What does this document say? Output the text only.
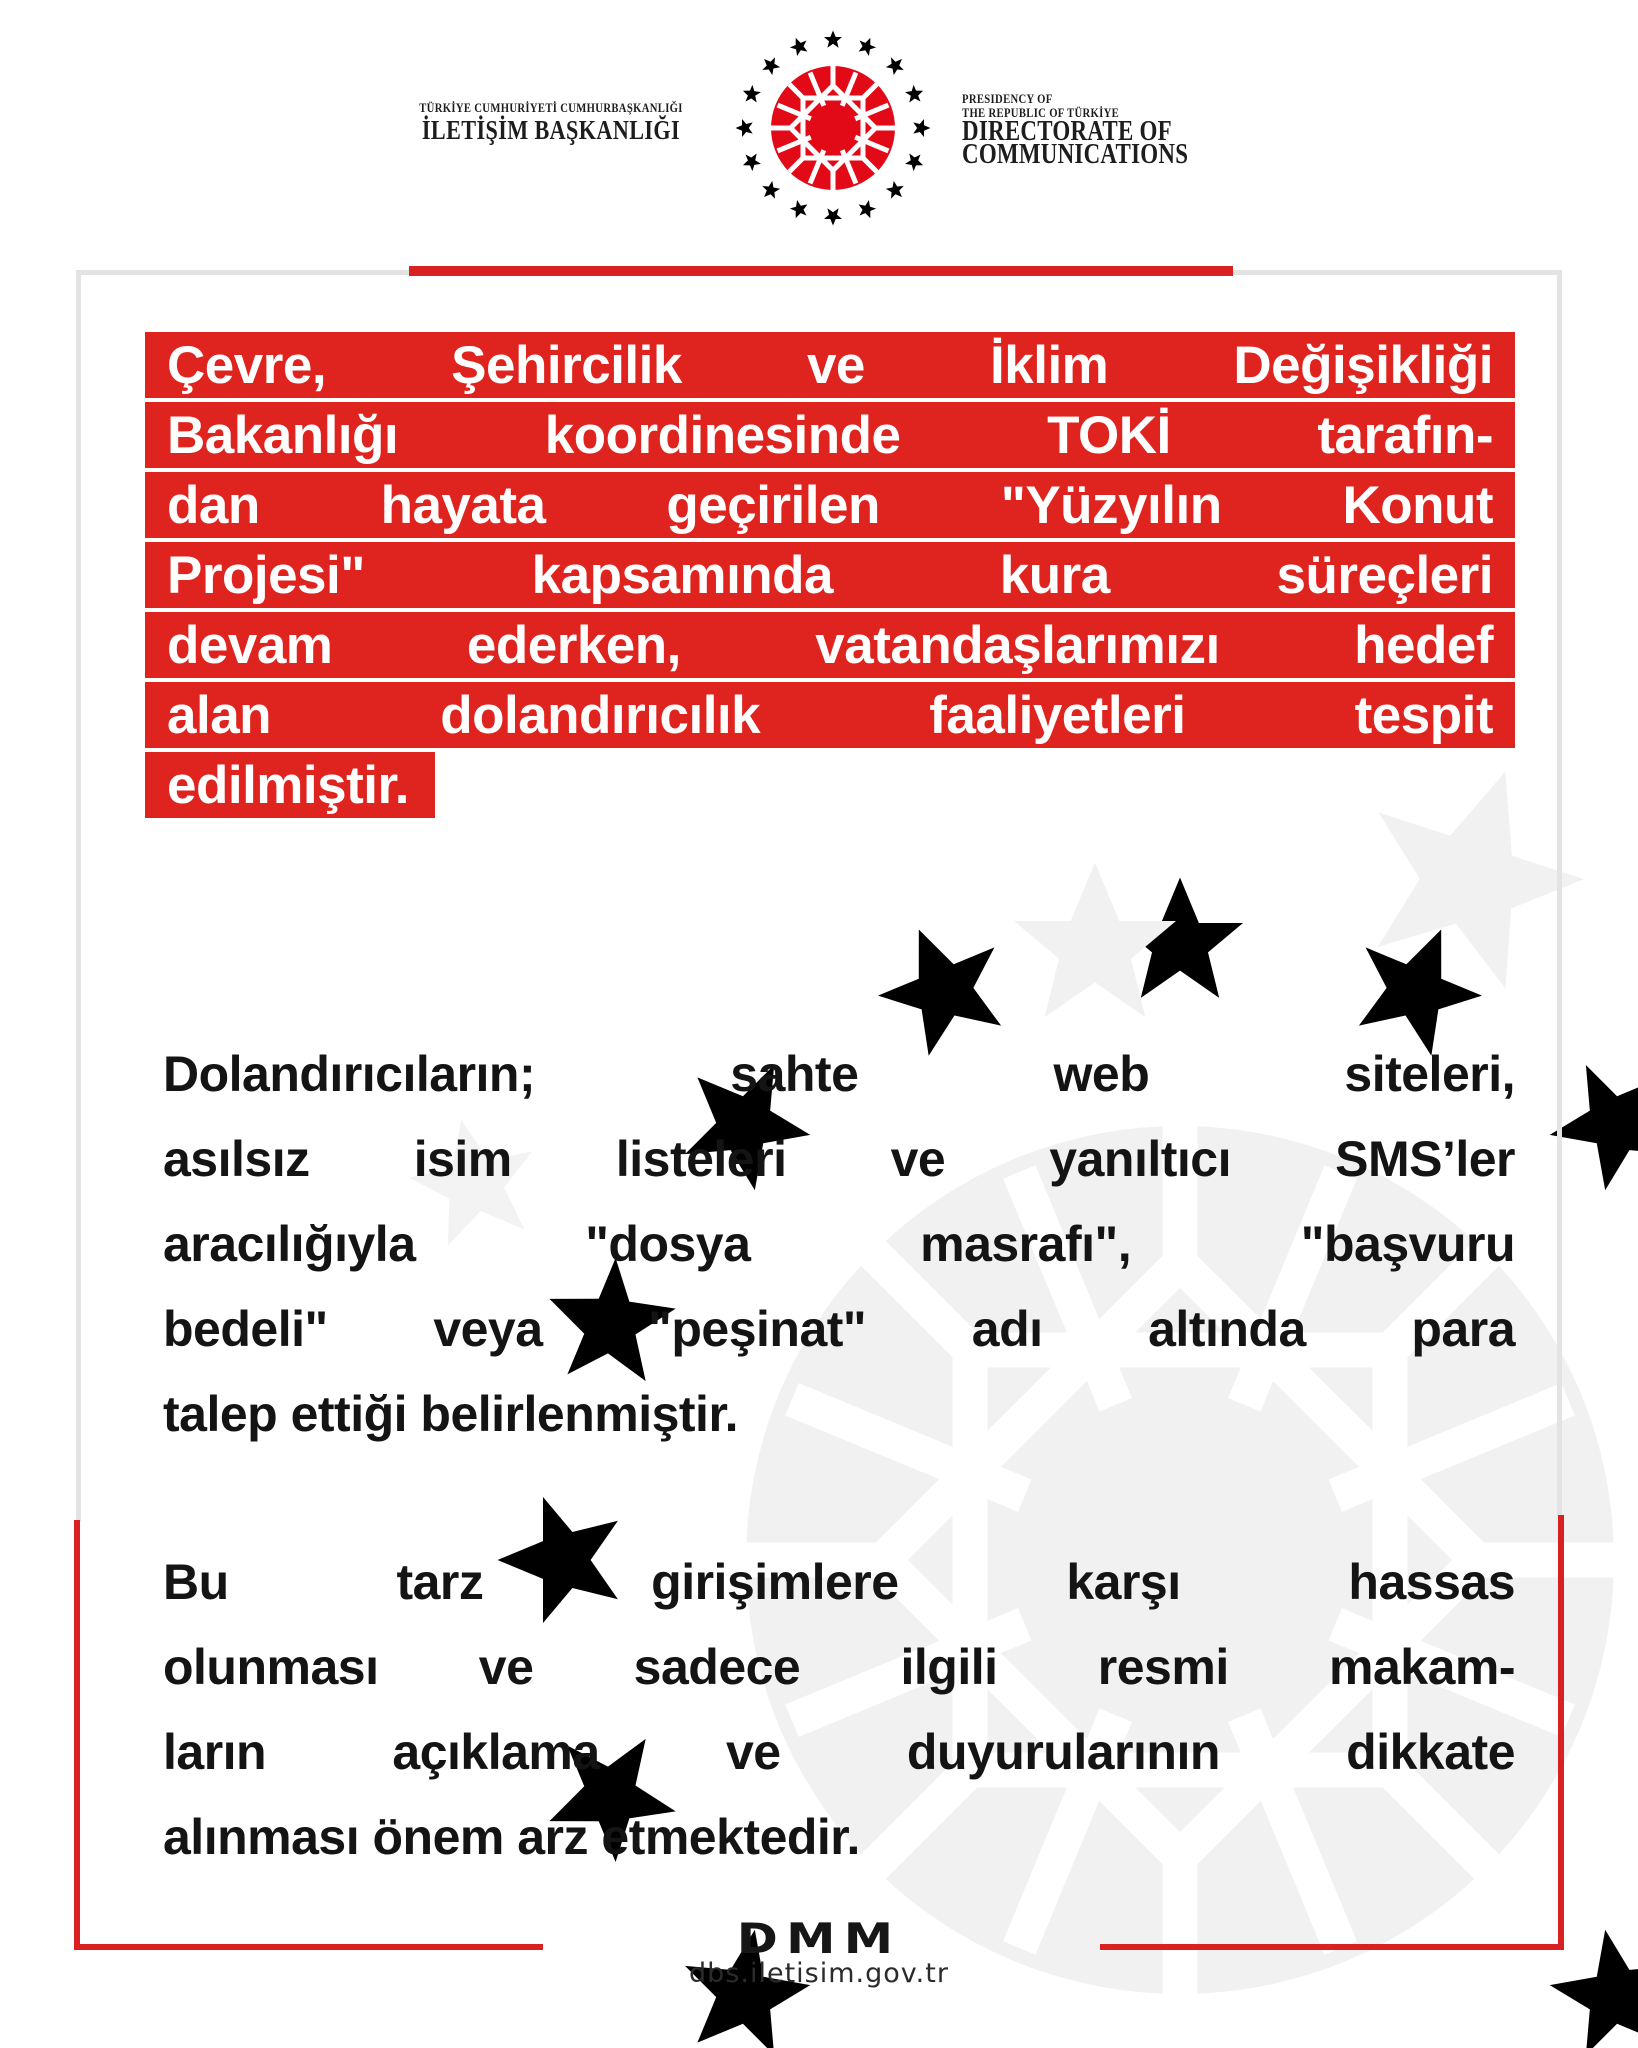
TÜRKİYE CUMHURİYETİ CUMHURBAŞKANLIĞI
İLETİŞİM BAŞKANLIĞI
PRESIDENCY OF
THE REPUBLIC OF TÜRKİYE
DIRECTORATE OF
COMMUNICATIONS
Çevre, Şehircilik ve İklim Değişikliği
Bakanlığı koordinesinde TOKİ tarafın-
dan hayata geçirilen "Yüzyılın Konut
Projesi" kapsamında kura süreçleri
devam ederken, vatandaşlarımızı hedef
alan dolandırıcılık faaliyetleri tespit
edilmiştir.
Dolandırıcıların; sahte web siteleri,
asılsız isim listeleri ve yanıltıcı SMS’ler
aracılığıyla "dosya masrafı", "başvuru
bedeli" veya "peşinat" adı altında para
talep ettiği belirlenmiştir.
Bu tarz girişimlere karşı hassas
olunması ve sadece ilgili resmi makam-
ların açıklama ve duyurularının dikkate
alınması önem arz etmektedir.
DMM
dbs.iletisim.gov.tr
